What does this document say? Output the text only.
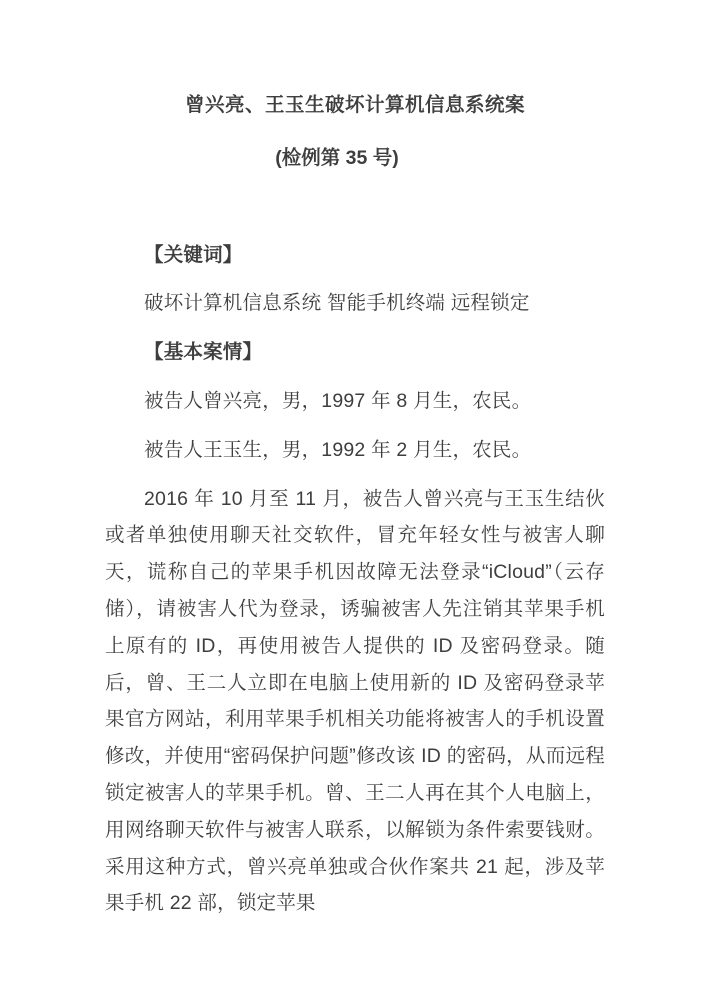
曾兴亮、王玉生破坏计算机信息系统案
(检例第 35 号)

【关键词】

破坏计算机信息系统 智能手机终端 远程锁定

【基本案情】

被告人曾兴亮，男，1997 年 8 月生，农民。

被告人王玉生，男，1992 年 2 月生，农民。

2016 年 10 月至 11 月，被告人曾兴亮与王玉生结伙或者单独使用聊天社交软件，冒充年轻女性与被害人聊天，谎称自己的苹果手机因故障无法登录“iCloud”（云存储），请被害人代为登录，诱骗被害人先注销其苹果手机上原有的 ID，再使用被告人提供的 ID 及密码登录。随后，曾、王二人立即在电脑上使用新的 ID 及密码登录苹果官方网站，利用苹果手机相关功能将被害人的手机设置修改，并使用“密码保护问题”修改该 ID 的密码，从而远程锁定被害人的苹果手机。曾、王二人再在其个人电脑上，用网络聊天软件与被害人联系，以解锁为条件索要钱财。采用这种方式，曾兴亮单独或合伙作案共 21 起，涉及苹果手机 22 部，锁定苹果
